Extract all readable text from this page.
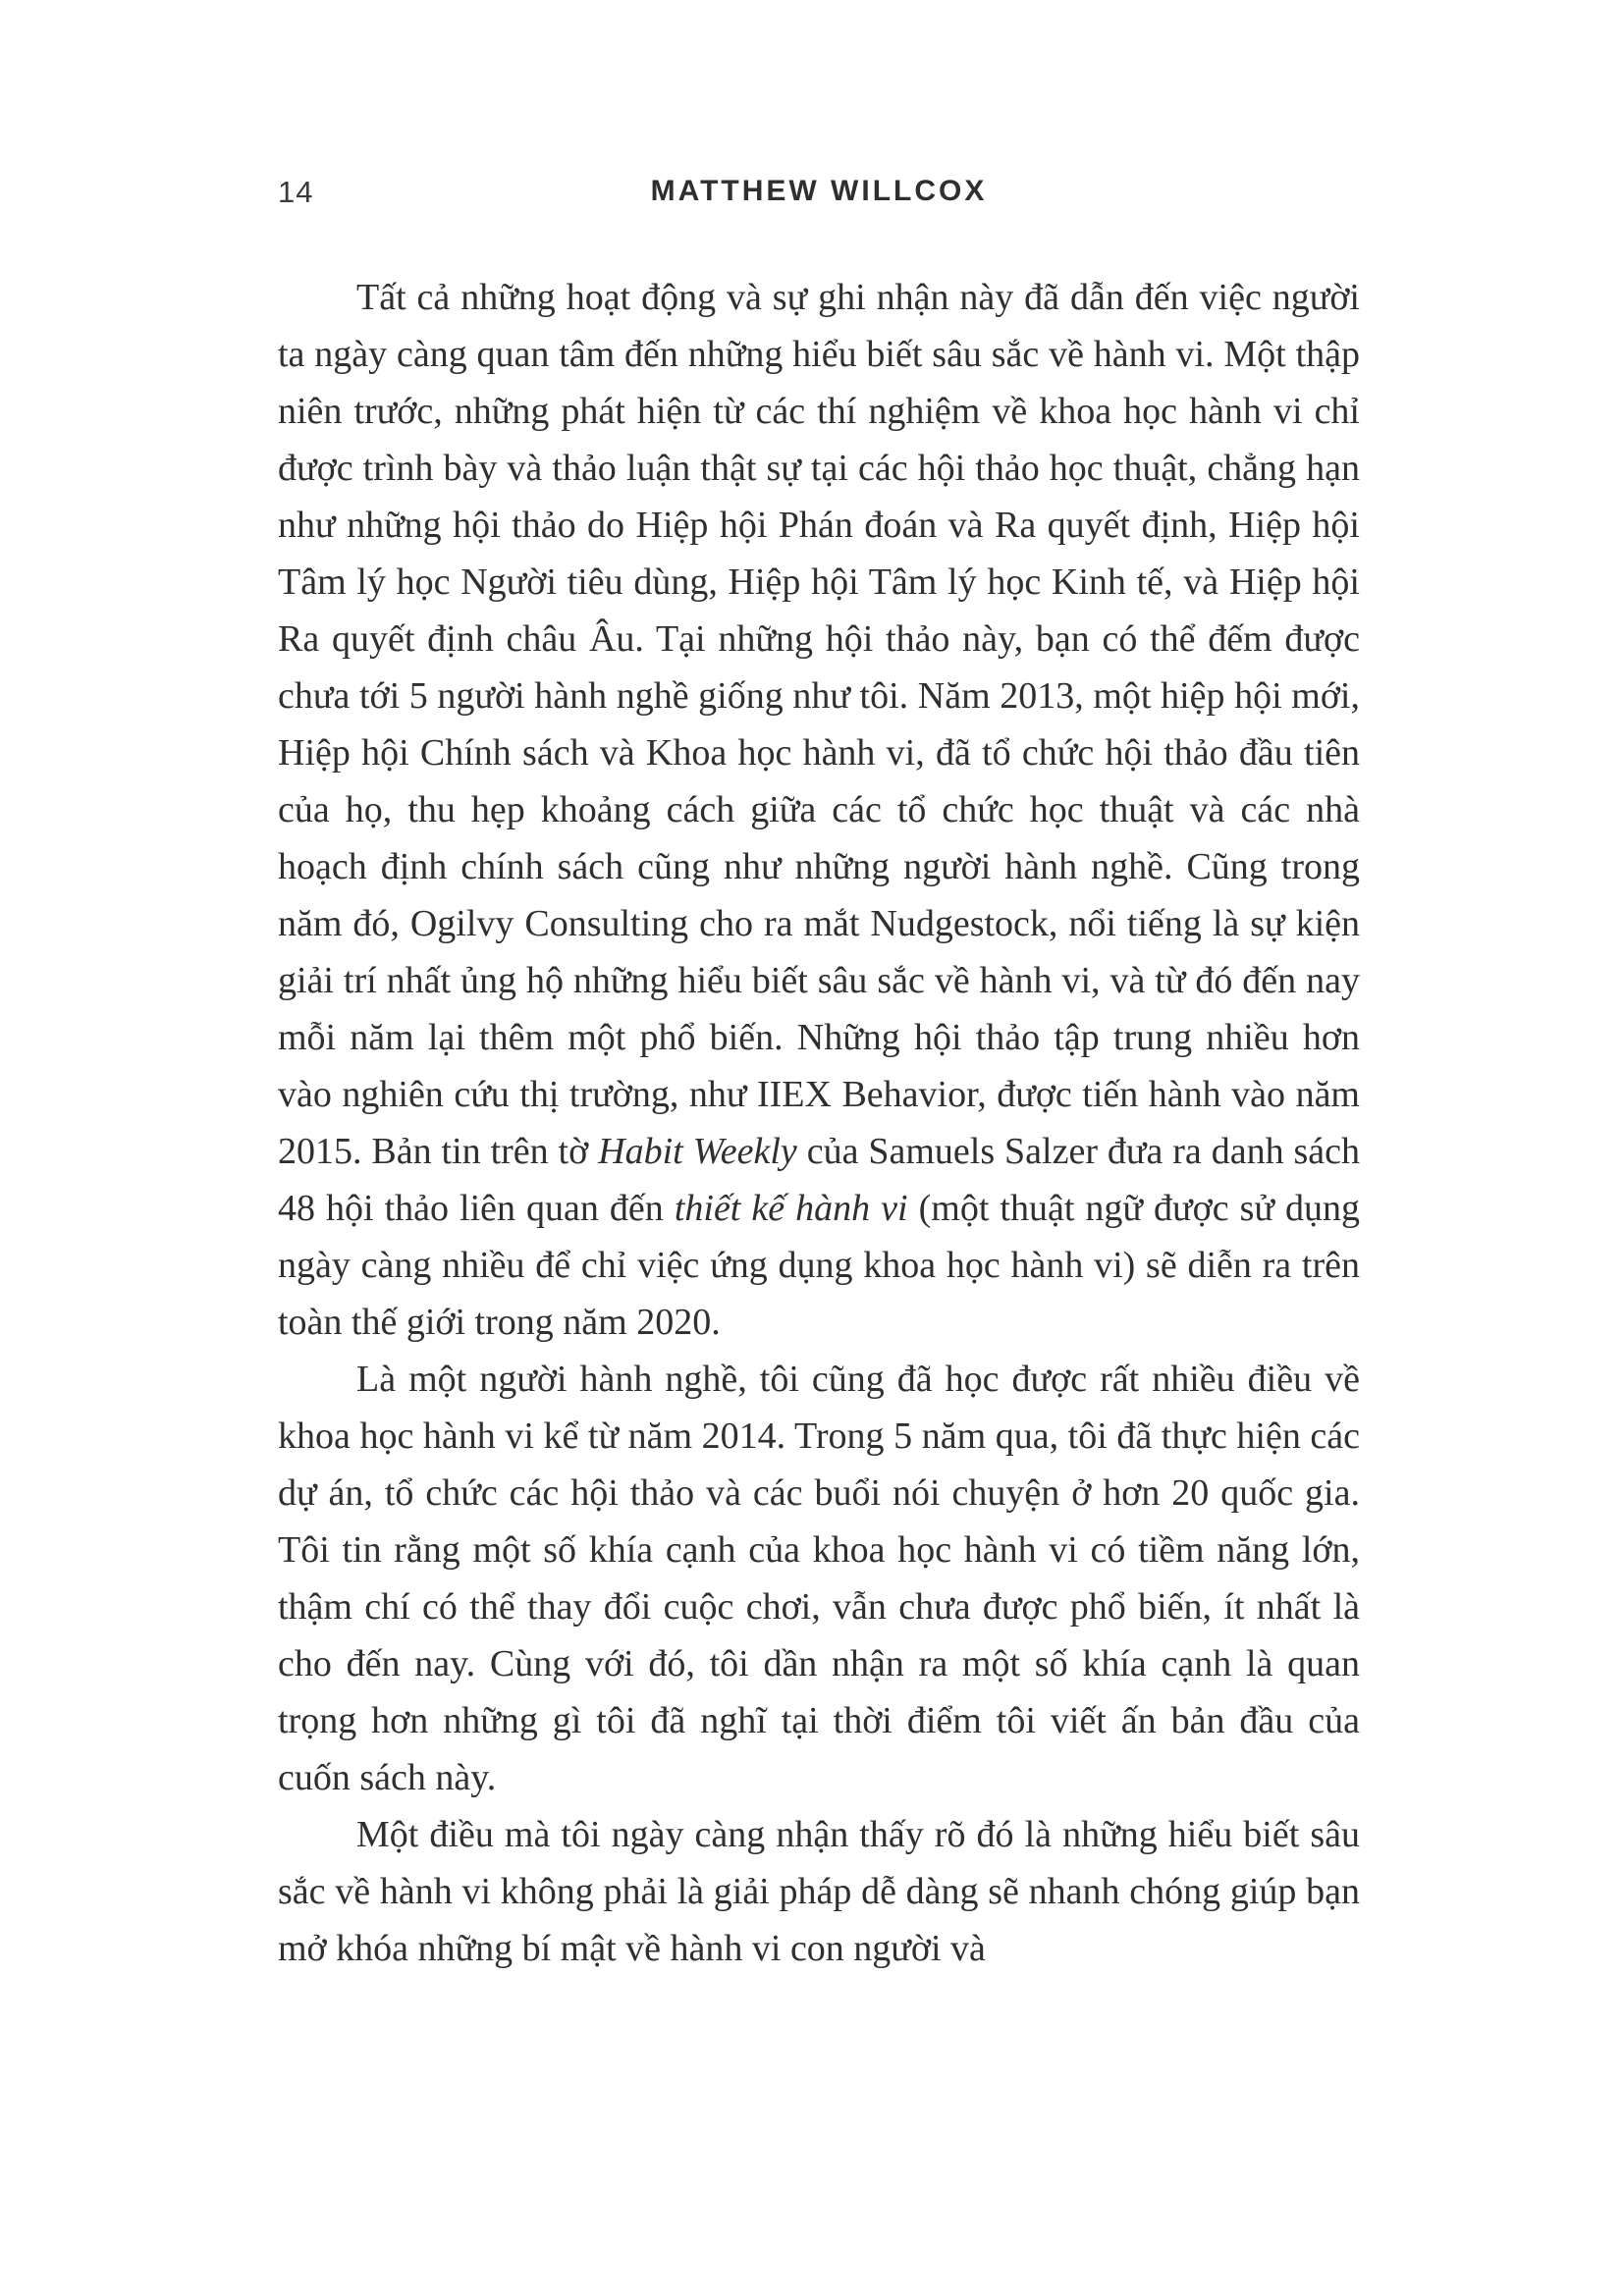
14	MATTHEW WILLCOX

Tất cả những hoạt động và sự ghi nhận này đã dẫn đến việc người ta ngày càng quan tâm đến những hiểu biết sâu sắc về hành vi. Một thập niên trước, những phát hiện từ các thí nghiệm về khoa học hành vi chỉ được trình bày và thảo luận thật sự tại các hội thảo học thuật, chẳng hạn như những hội thảo do Hiệp hội Phán đoán và Ra quyết định, Hiệp hội Tâm lý học Người tiêu dùng, Hiệp hội Tâm lý học Kinh tế, và Hiệp hội Ra quyết định châu Âu. Tại những hội thảo này, bạn có thể đếm được chưa tới 5 người hành nghề giống như tôi. Năm 2013, một hiệp hội mới, Hiệp hội Chính sách và Khoa học hành vi, đã tổ chức hội thảo đầu tiên của họ, thu hẹp khoảng cách giữa các tổ chức học thuật và các nhà hoạch định chính sách cũng như những người hành nghề. Cũng trong năm đó, Ogilvy Consulting cho ra mắt Nudgestock, nổi tiếng là sự kiện giải trí nhất ủng hộ những hiểu biết sâu sắc về hành vi, và từ đó đến nay mỗi năm lại thêm một phổ biến. Những hội thảo tập trung nhiều hơn vào nghiên cứu thị trường, như IIEX Behavior, được tiến hành vào năm 2015. Bản tin trên tờ Habit Weekly của Samuels Salzer đưa ra danh sách 48 hội thảo liên quan đến thiết kế hành vi (một thuật ngữ được sử dụng ngày càng nhiều để chỉ việc ứng dụng khoa học hành vi) sẽ diễn ra trên toàn thế giới trong năm 2020.

Là một người hành nghề, tôi cũng đã học được rất nhiều điều về khoa học hành vi kể từ năm 2014. Trong 5 năm qua, tôi đã thực hiện các dự án, tổ chức các hội thảo và các buổi nói chuyện ở hơn 20 quốc gia. Tôi tin rằng một số khía cạnh của khoa học hành vi có tiềm năng lớn, thậm chí có thể thay đổi cuộc chơi, vẫn chưa được phổ biến, ít nhất là cho đến nay. Cùng với đó, tôi dần nhận ra một số khía cạnh là quan trọng hơn những gì tôi đã nghĩ tại thời điểm tôi viết ấn bản đầu của cuốn sách này.

Một điều mà tôi ngày càng nhận thấy rõ đó là những hiểu biết sâu sắc về hành vi không phải là giải pháp dễ dàng sẽ nhanh chóng giúp bạn mở khóa những bí mật về hành vi con người và
